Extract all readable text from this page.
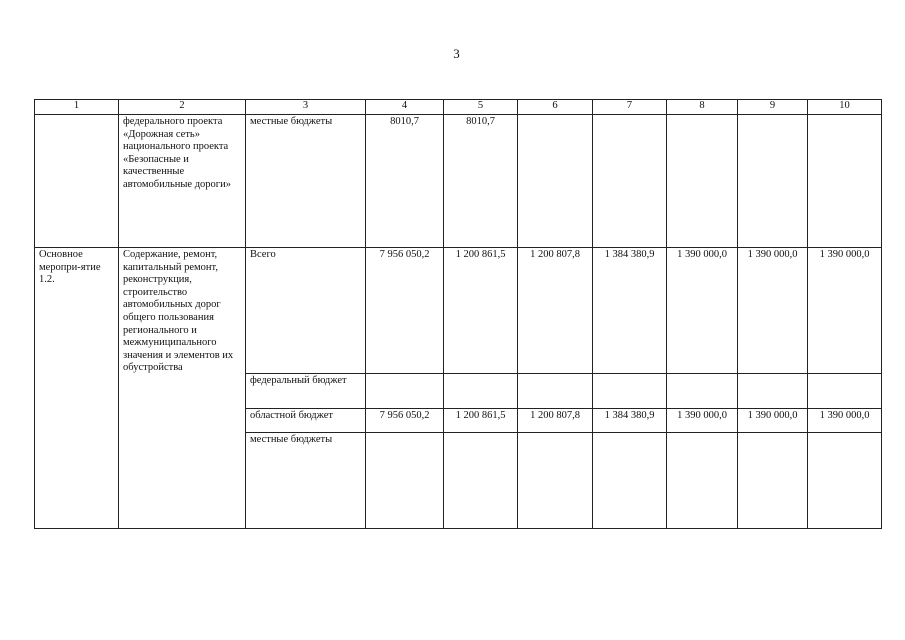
3
1	2	3	4	5	6	7	8	9	10
	федерального проекта «Дорожная сеть» национального проекта «Безопасные и качественные автомобильные дороги»	местные бюджеты	8010,7	8010,7					
Основное меропри-ятие 1.2.	Содержание, ремонт, капитальный ремонт, реконструкция, строительство автомобильных дорог общего пользования регионального и межмуниципального значения и элементов их обустройства	Всего	7 956 050,2	1 200 861,5	1 200 807,8	1 384 380,9	1 390 000,0	1 390 000,0	1 390 000,0
		федеральный бюджет							
		областной бюджет	7 956 050,2	1 200 861,5	1 200 807,8	1 384 380,9	1 390 000,0	1 390 000,0	1 390 000,0
		местные бюджеты							
